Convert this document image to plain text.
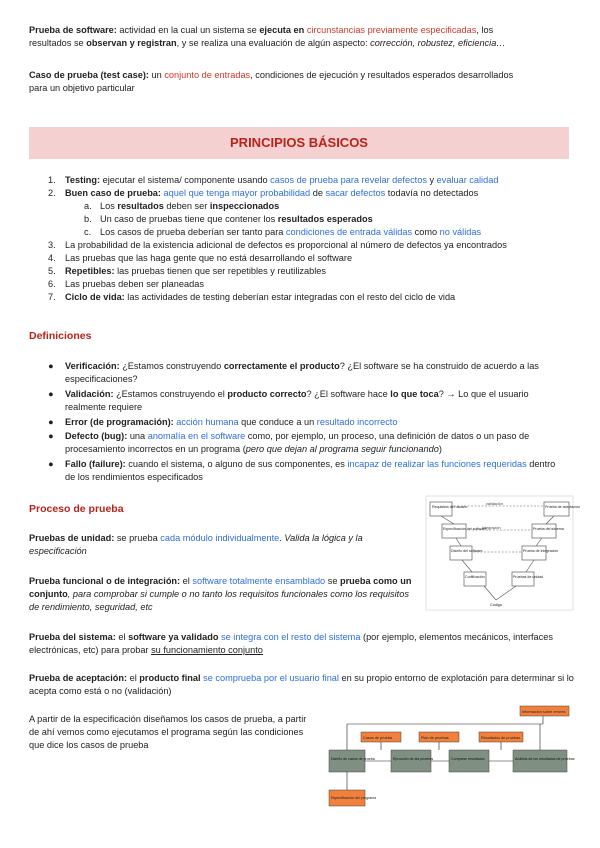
Prueba de software: actividad en la cual un sistema se ejecuta en circunstancias previamente especificadas, los
resultados se observan y registran, y se realiza una evaluación de algún aspecto: corrección, robustez, eficiencia…
Caso de prueba (test case): un conjunto de entradas, condiciones de ejecución y resultados esperados desarrollados
para un objetivo particular
PRINCIPIOS BÁSICOS
1. Testing: ejecutar el sistema/ componente usando casos de prueba para revelar defectos y evaluar calidad
2. Buen caso de prueba: aquel que tenga mayor probabilidad de sacar defectos todavía no detectados
a. Los resultados deben ser inspeccionados
b. Un caso de pruebas tiene que contener los resultados esperados
c. Los casos de prueba deberían ser tanto para condiciones de entrada válidas como no válidas
3. La probabilidad de la existencia adicional de defectos es proporcional al número de defectos ya encontrados
4. Las pruebas que las haga gente que no está desarrollando el software
5. Repetibles: las pruebas tienen que ser repetibles y reutilizables
6. Las pruebas deben ser planeadas
7. Ciclo de vida: las actividades de testing deberían estar integradas con el resto del ciclo de vida
Definiciones
● Verificación: ¿Estamos construyendo correctamente el producto? ¿El software se ha construido de acuerdo a las especificaciones?
● Validación: ¿Estamos construyendo el producto correcto? ¿El software hace lo que toca? → Lo que el usuario realmente requiere
● Error (de programación): acción humana que conduce a un resultado incorrecto
● Defecto (bug): una anomalía en el software como, por ejemplo, un proceso, una definición de datos o un paso de procesamiento incorrectos en un programa (pero que dejan al programa seguir funcionando)
● Fallo (failure): cuando el sistema, o alguno de sus componentes, es incapaz de realizar las funciones requeridas dentro de los rendimientos especificados
Proceso de prueba
Pruebas de unidad: se prueba cada módulo individualmente. Valida la lógica y la especificación
Prueba funcional o de integración: el software totalmente ensamblado se prueba como un conjunto, para comprobar si cumple o no tanto los requisitos funcionales como los requisitos de rendimiento, seguridad, etc
Prueba del sistema: el software ya validado se integra con el resto del sistema (por ejemplo, elementos mecánicos, interfaces electrónicas, etc) para probar su funcionamiento conjunto
Prueba de aceptación: el producto final se comprueba por el usuario final en su propio entorno de explotación para determinar si lo acepta como está o no (validación)
A partir de la especificación diseñamos los casos de prueba, a partir de ahí vemos como ejecutamos el programa según las condiciones que dice los casos de prueba
validación
Requisitos del usuario	Prueba de aceptación
integración
Especificación del software	Prueba del sistema
Diseño del software	Prueba de integración
Codificación	Pruebas de unidad
Código
Información sobre errores
Casos de prueba	Plan de pruebas	Resultados de pruebas
Diseño de casos de prueba	Ejecución de las pruebas	Comparar resultados	Análisis de los resultados de pruebas
Especificación del programa
